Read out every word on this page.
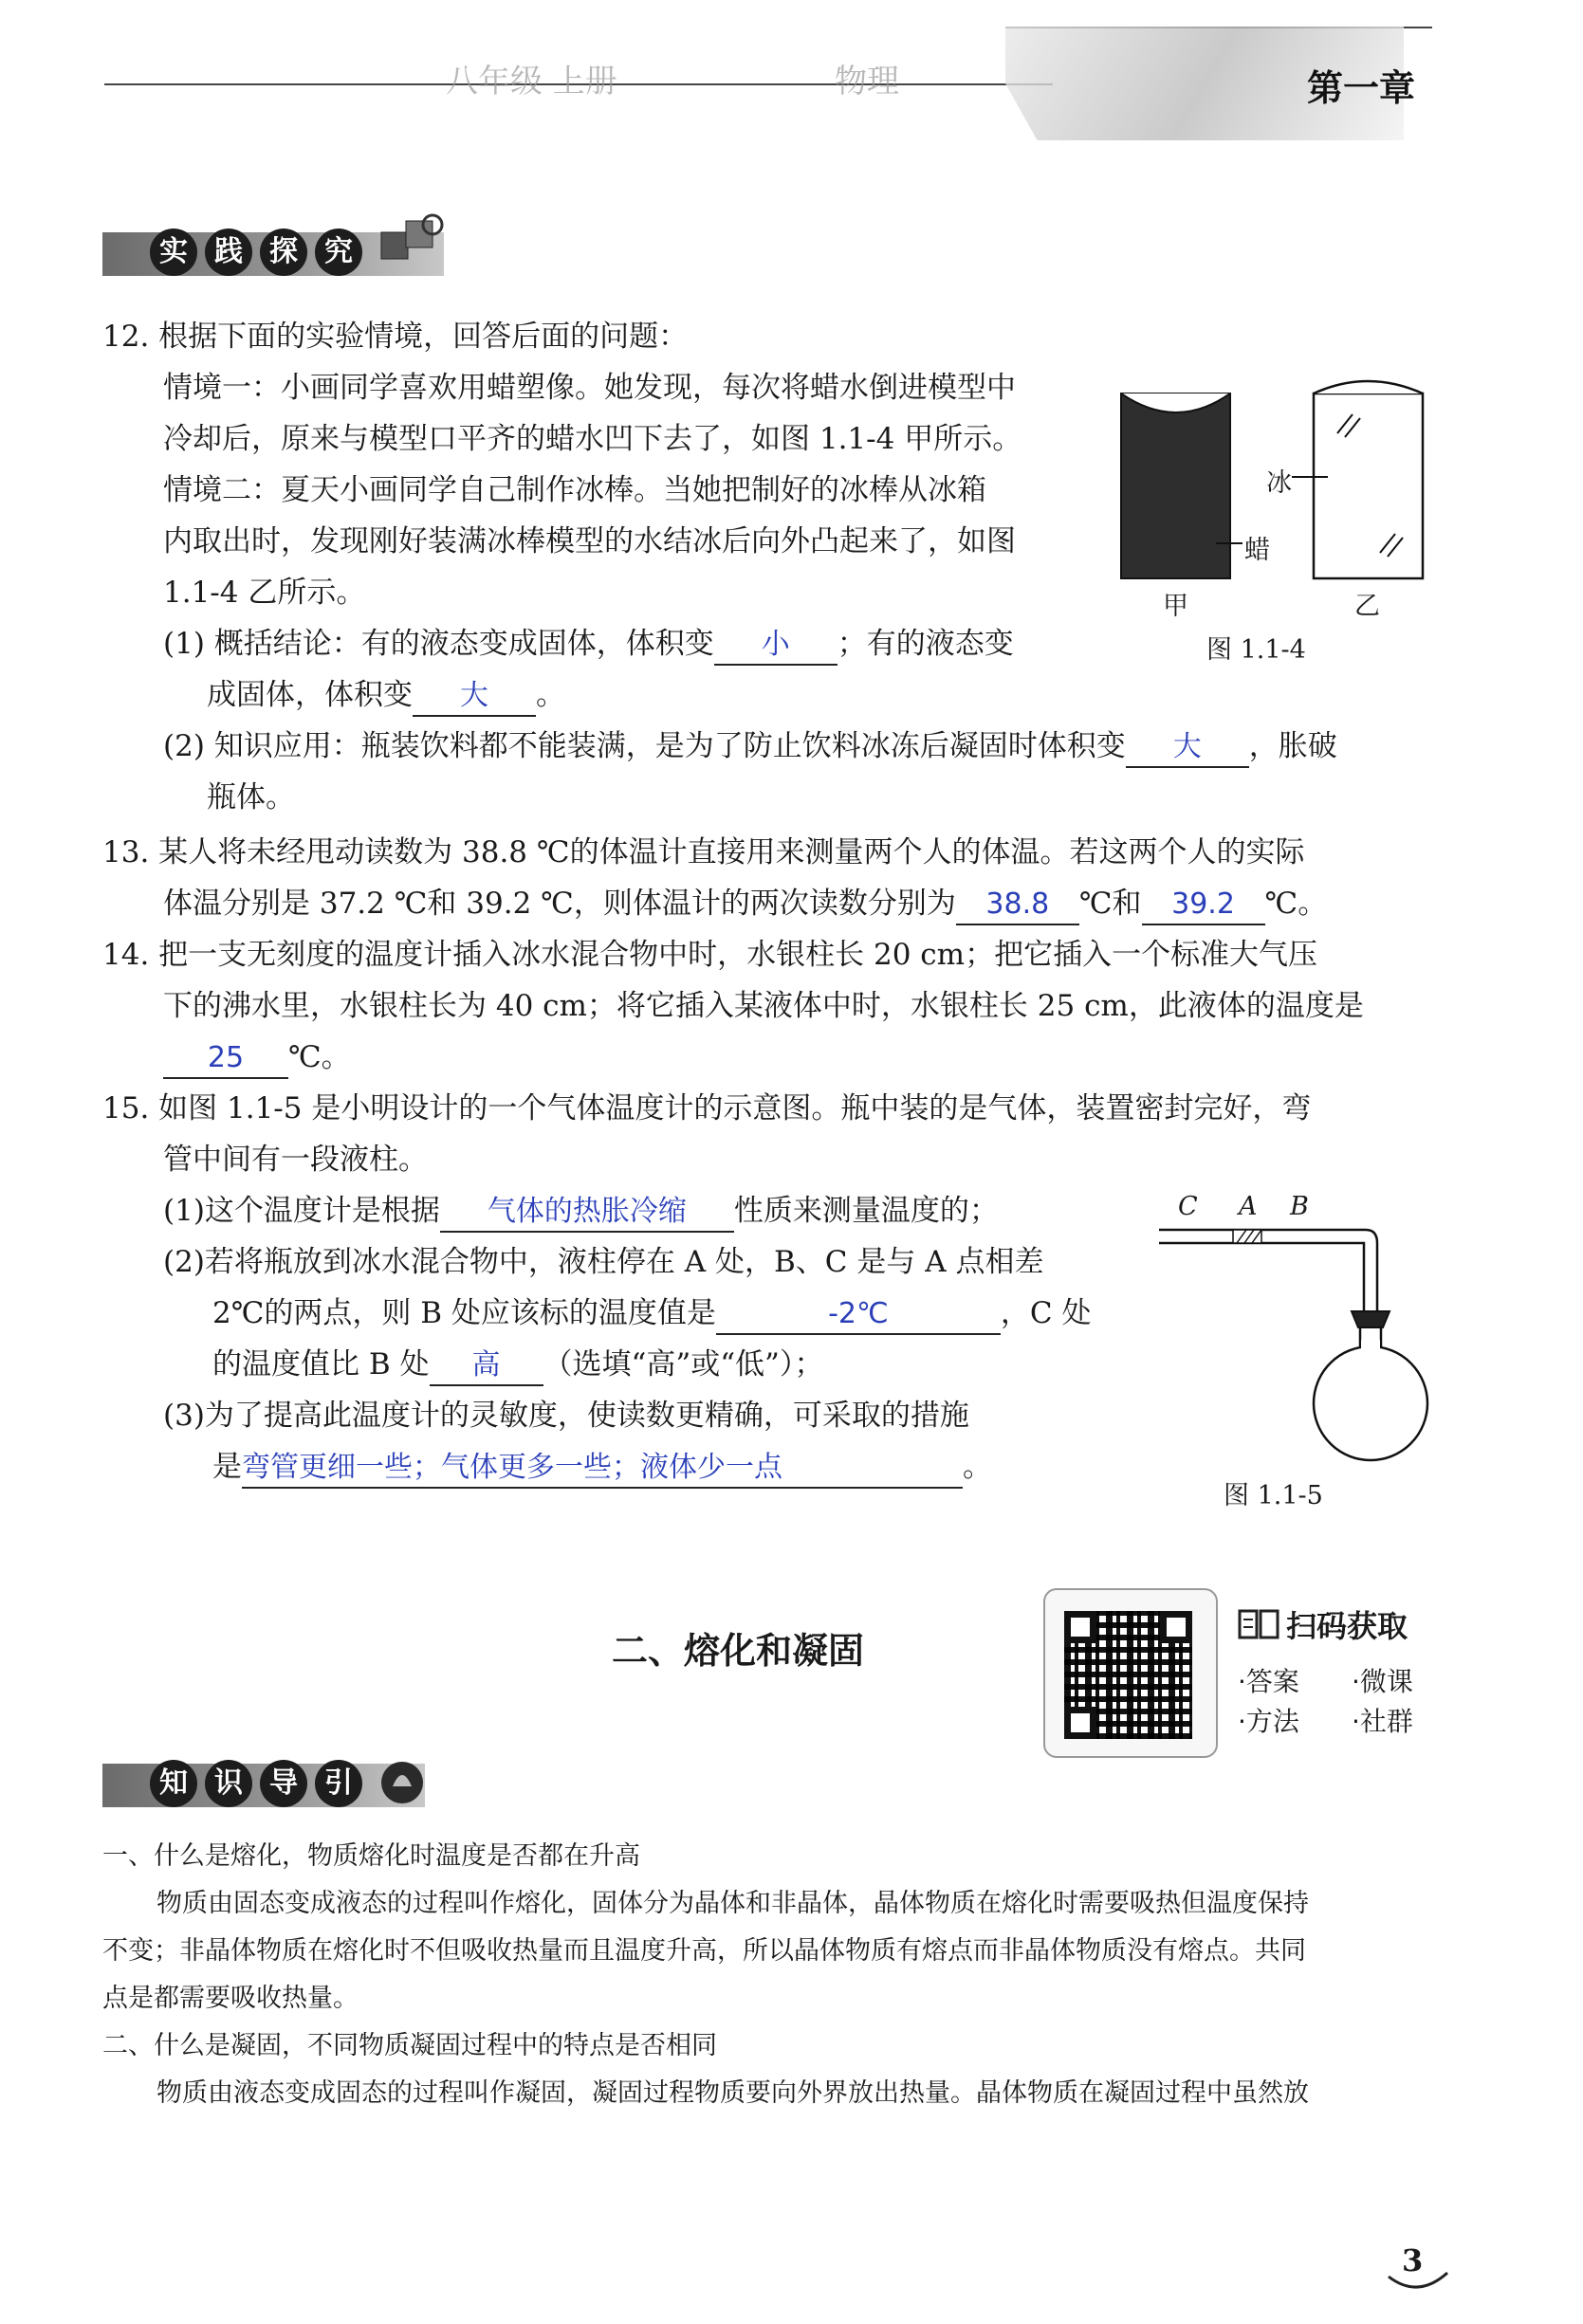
八年级 上册	物理	第一章
实 践 探 究
12. 根据下面的实验情境，回答后面的问题：
情境一：小画同学喜欢用蜡塑像。她发现，每次将蜡水倒进模型中
冷却后，原来与模型口平齐的蜡水凹下去了，如图 1.1-4 甲所示。
情境二：夏天小画同学自己制作冰棒。当她把制好的冰棒从冰箱
内取出时，发现刚好装满冰棒模型的水结冰后向外凸起来了，如图
1.1-4 乙所示。
(1) 概括结论：有的液态变成固体，体积变 小 ；有的液态变
成固体，体积变 大 。
(2) 知识应用：瓶装饮料都不能装满，是为了防止饮料冰冻后凝固时体积变 大 ，胀破
瓶体。
冰
蜡
甲	乙
图 1.1-4
13. 某人将未经甩动读数为 38.8 ℃的体温计直接用来测量两个人的体温。若这两个人的实际
体温分别是 37.2 ℃和 39.2 ℃，则体温计的两次读数分别为 38.8 ℃和 39.2 ℃。
14. 把一支无刻度的温度计插入冰水混合物中时，水银柱长 20 cm；把它插入一个标准大气压
下的沸水里，水银柱长为 40 cm；将它插入某液体中时，水银柱长 25 cm，此液体的温度是
25 ℃。
15. 如图 1.1-5 是小明设计的一个气体温度计的示意图。瓶中装的是气体，装置密封完好，弯
管中间有一段液柱。
(1)这个温度计是根据 气体的热胀冷缩 性质来测量温度的；
(2)若将瓶放到冰水混合物中，液柱停在 A 处，B、C 是与 A 点相差
2℃的两点，则 B 处应该标的温度值是	-2℃	，C 处
的温度值比 B 处 高 （选填“高”或“低”）；
(3)为了提高此温度计的灵敏度，使读数更精确，可采取的措施
是弯管更细一些；气体更多一些；液体少一点	。
C A B
图 1.1-5
二、熔化和凝固
扫码获取
·答案 ·微课
·方法 ·社群
知 识 导 引
一、什么是熔化，物质熔化时温度是否都在升高
物质由固态变成液态的过程叫作熔化，固体分为晶体和非晶体，晶体物质在熔化时需要吸热但温度保持
不变；非晶体物质在熔化时不但吸收热量而且温度升高，所以晶体物质有熔点而非晶体物质没有熔点。共同
点是都需要吸收热量。
二、什么是凝固，不同物质凝固过程中的特点是否相同
物质由液态变成固态的过程叫作凝固，凝固过程物质要向外界放出热量。晶体物质在凝固过程中虽然放
3
